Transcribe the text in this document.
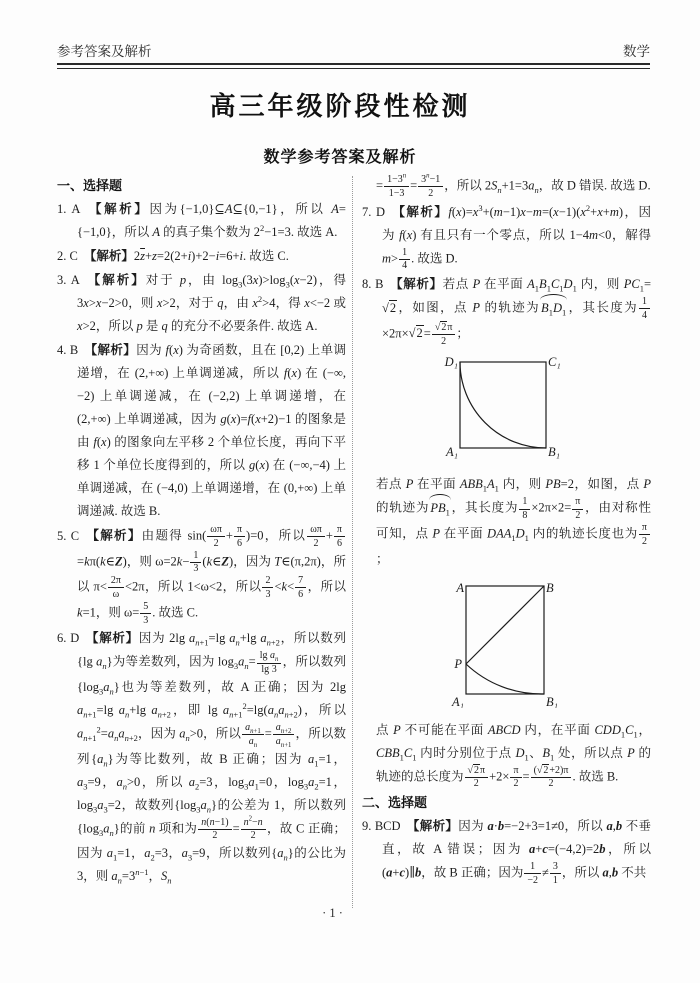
参考答案及解析	数学
高三年级阶段性检测
数学参考答案及解析
一、选择题

1. A 【解析】因为{−1,0}⊆A⊆{0,−1}，所以 A={−1,0}，所以 A 的真子集个数为 $2^2-1=3$. 故选 A.

2. C 【解析】$2\overline{z}+z=2(2+i)+2-i=6+i$. 故选 C.

3. A 【解析】对于 p，由 $\log_3(3x)>\log_3(x-2)$，得 3x>x−2>0，则 x>2，对于 q，由 $x^2>4$，得 x<−2 或 x>2，所以 p 是 q 的充分不必要条件. 故选 A.

4. B 【解析】因为 f(x) 为奇函数，且在 [0,2) 上单调递增，在 (2,+∞) 上单调递减，所以 f(x) 在 (−∞,−2) 上单调递减，在 (−2,2) 上单调递增，在 (2,+∞) 上单调递减，因为 g(x)=f(x+2)−1 的图象是由 f(x) 的图象向左平移 2 个单位长度，再向下平移 1 个单位长度得到的，所以 g(x) 在 (−∞,−4) 上单调递减，在 (−4,0) 上单调递增，在 (0,+∞) 上单调递减. 故选 B.

5. C 【解析】由题得 $\sin( \frac{\omega\pi}{2} + \frac{\pi}{6} )=0$，所以 $\frac{\omega\pi}{2} + \frac{\pi}{6}$
=kπ(k∈Z)，则 $\omega=2k- \frac{1}{3}$ (k∈Z)，因为 T∈(π,2π)，所以 $\pi< \frac{2\pi}{\omega} <2\pi$，所以 1<ω<2，所以 $\frac{2}{3} <k< \frac{7}{6}$ ，所以 k=1，则 $\omega= \frac{5}{3}$ . 故选 C.

6. D 【解析】因为 2lg $a_{n+1}=\lg$ $a_n+\lg$ $a_{n+2}$，所以数列{lg $a_n$}为等差数列，因为 $\log_3a_n= \frac{\lg a_n}{\lg 3}$ ，所以数列$\{\log_3a_n\}$也为等差数列，故 A 正确；因为 2lg $a_{n+1}=\lg$ $a_n+\lg$ $a_{n+2}$，即 $\lg a_{n+1}^2=\lg(a_na_{n+2})$，所以 $a_{n+1}^2=a_na_{n+2}$，因为 $a_n>0$，所以 $\frac{a_{n+1}}{a_n} = \frac{a_{n+2}}{a_{n+1}}$ ，所以数列$\{a_n\}$为等比数列，故 B 正确；因为 $a_1=1$，$a_3=9$，$a_n>0$，所以 $a_2=3$，$\log_3a_1=0$，$\log_3a_2=1$，$\log_3a_3=2$，故数列$\{\log_3a_n\}$的公差为 1，所以数列$\{\log_3a_n\}$的前 n 项和为 $\frac{n(n-1)}{2} = \frac{n^2-n}{2}$ ，故 C 正确；因为 $a_1=1$，$a_2=3$，$a_3=9$，所以数列$\{a_n\}$的公比为 3，则 $a_n=3^{n-1}$，$S_n$

= $\frac{1-3^n}{1-3} = \frac{3^n-1}{2}$ ，所以 $2S_n+1=3a_n$，故 D 错误. 故选 D.

7. D 【解析】$f(x)=x^3+(m-1)x-m=(x-1)(x^2+x+m)$，因为 f(x) 有且只有一个零点，所以 1−4m<0，解得 $m> \frac{1}{4}$ . 故选 D.

8. B 【解析】若点 P 在平面 $A_1B_1C_1D_1$ 内，则 $PC_1=√2$，如图，点 P 的轨迹为$B_1D_1$，其长度为 $\frac{1}{4}$
$\times 2\pi\times√2= \frac{√2\pi}{2}$ ；

D₁	C₁
A₁	B₁

若点 P 在平面 $ABB_1A_1$ 内，则 PB=2，如图，点 P 的轨迹为$PB_1$，其长度为 $\frac{1}{8} \times 2\pi\times 2= \frac{\pi}{2}$ ，由对称性可知，点 P 在平面 $DAA_1D_1$ 内的轨迹长度也为 $\frac{\pi}{2}$
；

A	B
P
A₁	B₁

点 P 不可能在平面 ABCD 内，在平面 $CDD_1C_1$，$CBB_1C_1$ 内时分别位于点 $D_1$、$B_1$ 处，所以点 P 的轨迹的总长度为 $\frac{√2\pi}{2} +2\times \frac{\pi}{2} = \frac{(√2+2)\pi}{2}$ . 故选 B.

二、选择题

9. BCD 【解析】因为 a·b=−2+3=1≠0，所以 a,b 不垂直，故 A 错误；因为 a+c=(−4,2)=2b，所以 (a+c)∥b，故 B 正确；因为 $\frac{1}{-2} \ne \frac{3}{1}$ ，所以 a,b 不共

· 1 ·
